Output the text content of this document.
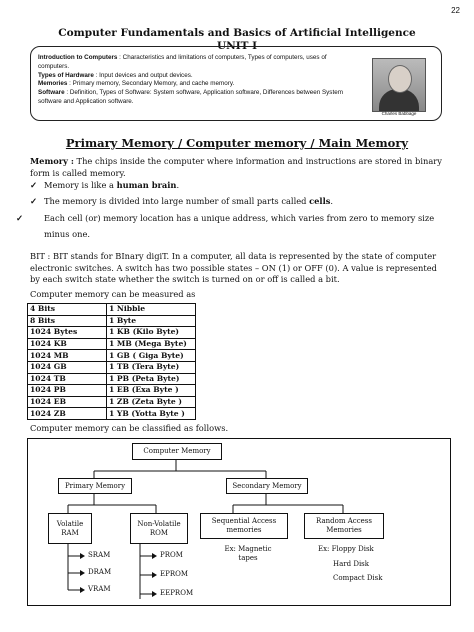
22
Computer Fundamentals and Basics of Artificial Intelligence
UNIT I

Introduction to Computers : Characteristics and limitations of computers, Types of computers, uses of computers.

Types of Hardware : Input devices and output devices.

Memories : Primary memory, Secondary Memory, and cache memory.

Software : Definition, Types of Software: System software, Application software, Differences between System software and Application software.

Charles Babbage
Primary Memory / Computer memory / Main Memory
Memory : The chips inside the computer where information and instructions are stored in binary form is called memory.
✓ Memory is like a human brain.
✓ The memory is divided into large number of small parts called cells.
✓	Each cell (or) memory location has a unique address, which varies from zero to memory size minus one.
BIT : BIT stands for BInary digiT. In a computer, all data is represented by the state of computer electronic switches. A switch has two possible states – ON (1) or OFF (0). A value is represented by each switch state whether the switch is turned on or off is called a bit.
Computer memory can be measured as
4 Bits	1 Nibble
8 Bits	1 Byte
1024 Bytes	1 KB (Kilo Byte)
1024 KB	1 MB (Mega Byte)
1024 MB	1 GB ( Giga Byte)
1024 GB	1 TB (Tera Byte)
1024 TB	1 PB (Peta Byte)
1024 PB	1 EB (Exa Byte )
1024 EB	1 ZB (Zeta Byte )
1024 ZB	1 YB (Yotta Byte )
Computer memory can be classified as follows.
Computer Memory
Primary Memory	Secondary Memory
Volatile RAM
Non-Volatile ROM
Sequential Access memories
Random Access Memories
SRAM
DRAM
VRAM
PROM
EPROM
EEPROM
Ex: Magnetic tapes
Ex: Floppy Disk
Hard Disk
Compact Disk
